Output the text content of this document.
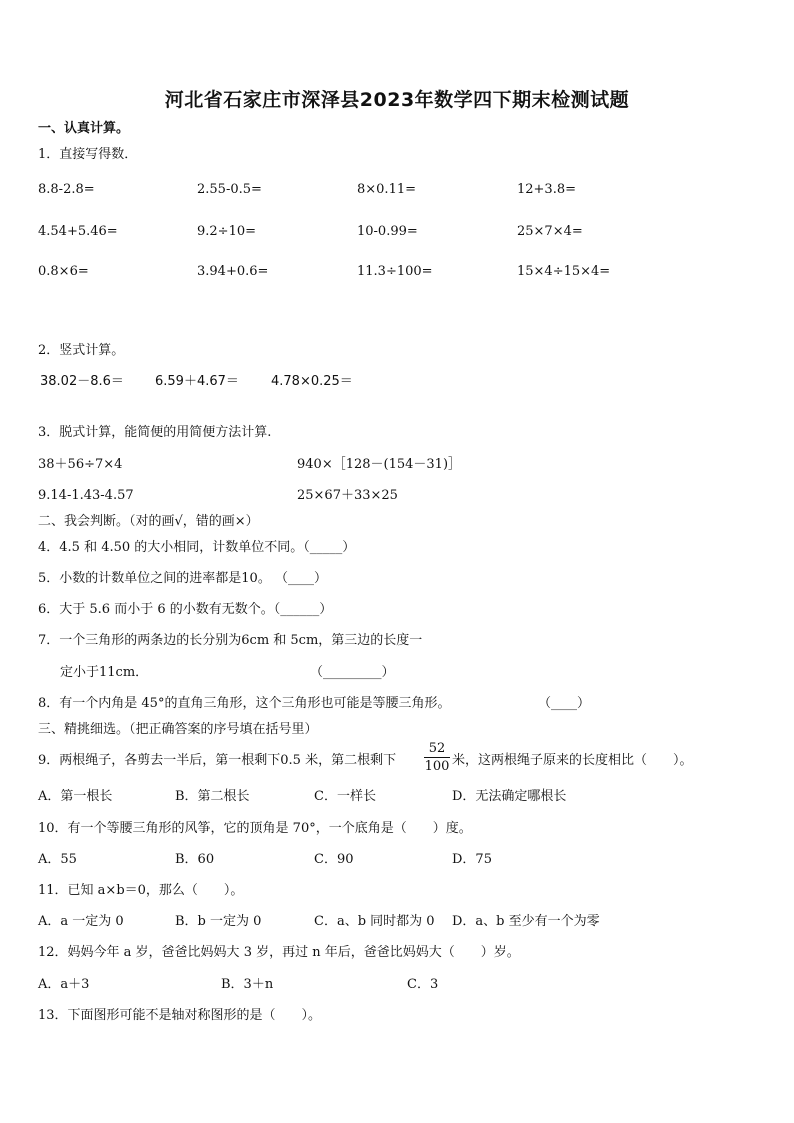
河北省石家庄市深泽县2023年数学四下期末检测试题
一、认真计算。
1．直接写得数．
8.8-2.8=	2.55-0.5=	8×0.11=	12+3.8=
4.54+5.46=	9.2÷10=	10-0.99=	25×7×4=
0.8×6=	3.94+0.6=	11.3÷100=	15×4÷15×4=
2．竖式计算。
38.02－8.6＝ 6.59＋4.67＝ 4.78×0.25＝
3．脱式计算，能简便的用简便方法计算.
38＋56÷7×4	940×［128－(154－31)］
9.14-1.43-4.57	25×67＋33×25
二、我会判断。（对的画√，错的画×）
4．4.5 和 4.50 的大小相同，计数单位不同。（_____）
5．小数的计数单位之间的进率都是10。 （____）
6．大于 5.6 而小于 6 的小数有无数个。（______）
7．一个三角形的两条边的长分别为6cm 和 5cm，第三边的长度一
定小于11cm．	（_________）
8．有一个内角是 45°的直角三角形，这个三角形也可能是等腰三角形。	（____）
三、精挑细选。（把正确答案的序号填在括号里）
9．两根绳子，各剪去一半后，第一根剩下0.5 米，第二根剩下
52
100 米，这两根绳子原来的长度相比（　　）。
A．第一根长	B．第二根长	C．一样长	D．无法确定哪根长
10．有一个等腰三角形的风筝，它的顶角是 70°，一个底角是（　　）度。
A．55	B．60	C．90	D．75
11．已知 a×b＝0，那么（　　）。
A．a 一定为 0	B．b 一定为 0	C．a、b 同时都为 0 D．a、b 至少有一个为零
12．妈妈今年 a 岁，爸爸比妈妈大 3 岁，再过 n 年后，爸爸比妈妈大（　　）岁。
A．a＋3	B．3＋n	C．3
13．下面图形可能不是轴对称图形的是（　　）。
